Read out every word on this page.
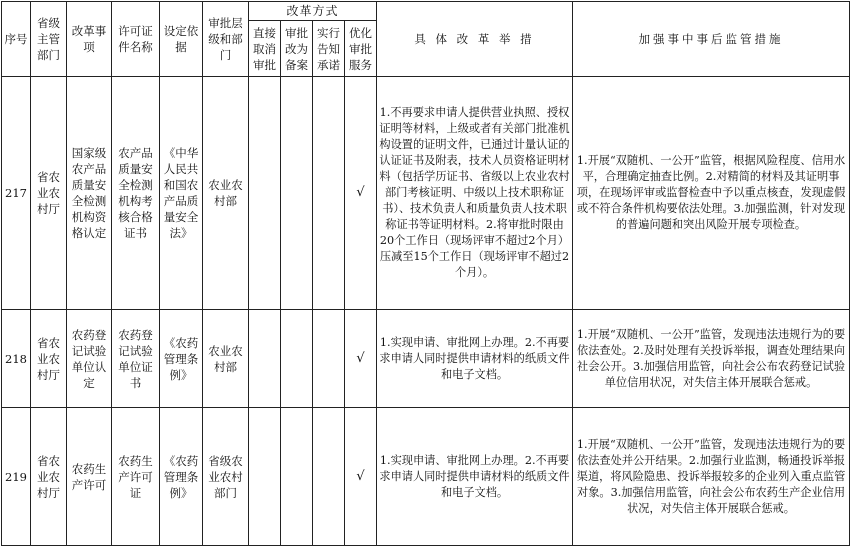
序号	省级主管部门	改革事项	许可证件名称	设定依据	审批层级和部门	改革方式				具 体 改 革 举 措	加强事中事后监管措施
						直接取消审批	审批改为备案	实行告知承诺	优化审批服务		
217	省农业农村厅	国家级农产品质量安全检测机构资格认定	农产品质量安全检测机构考核合格证书	《中华人民共和国农产品质量安全法》	农业农村部				√	1.不再要求申请人提供营业执照、授权证明等材料，上级或者有关部门批准机构设置的证明文件，已通过计量认证的认证证书及附表，技术人员资格证明材料（包括学历证书、省级以上农业农村部门考核证明、中级以上技术职称证书）、技术负责人和质量负责人技术职称证书等证明材料。2.将审批时限由20个工作日（现场评审不超过2个月）压减至15个工作日（现场评审不超过2个月）。	1.开展“双随机、一公开”监管，根据风险程度、信用水平，合理确定抽查比例。2.对精简的材料及其证明事项，在现场评审或监督检查中予以重点核查，发现虚假或不符合条件机构要依法处理。3.加强监测，针对发现的普遍问题和突出风险开展专项检查。
218	省农业农村厅	农药登记试验单位认定	农药登记试验单位证书	《农药管理条例》	农业农村部				√	1.实现申请、审批网上办理。2.不再要求申请人同时提供申请材料的纸质文件和电子文档。	1.开展“双随机、一公开”监管，发现违法违规行为的要依法查处。2.及时处理有关投诉举报，调查处理结果向社会公开。3.加强信用监管，向社会公布农药登记试验单位信用状况，对失信主体开展联合惩戒。
219	省农业农村厅	农药生产许可	农药生产许可证	《农药管理条例》	省级农业农村部门				√	1.实现申请、审批网上办理。2.不再要求申请人同时提供申请材料的纸质文件和电子文档。	1.开展“双随机、一公开”监管，发现违法违规行为的要依法查处并公开结果。2.加强行业监测，畅通投诉举报渠道，将风险隐患、投诉举报较多的企业列入重点监管对象。3.加强信用监管，向社会公布农药生产企业信用状况，对失信主体开展联合惩戒。
